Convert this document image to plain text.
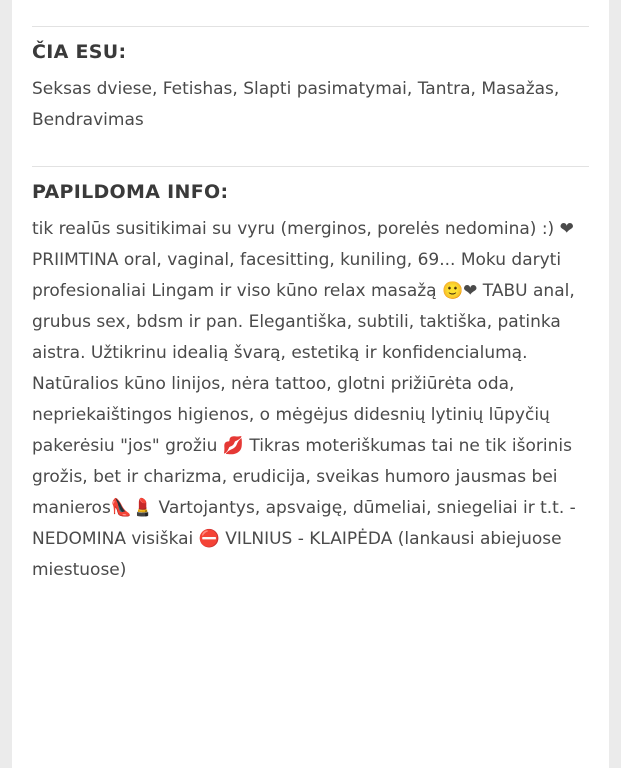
ČIA ESU:

Seksas dviese, Fetishas, Slapti pasimatymai, Tantra, Masažas, Bendravimas

PAPILDOMA INFO:

tik realūs susitikimai su vyru (merginos, porelės nedomina) :) ❤PRIIMTINA oral, vaginal, facesitting, kuniling, 69... Moku daryti profesionaliai Lingam ir viso kūno relax masažą 🙂❤ TABU anal, grubus sex, bdsm ir pan. Elegantiška, subtili, taktiška, patinka aistra. Užtikrinu idealią švarą, estetiką ir konfidencialumą. Natūralios kūno linijos, nėra tattoo, glotni prižiūrėta oda, nepriekaištingos higienos, o mėgėjus didesnių lytinių lūpyčių pakerėsiu "jos" grožiu 💋 Tikras moteriškumas tai ne tik išorinis grožis, bet ir charizma, erudicija, sveikas humoro jausmas bei manieros👠💄 Vartojantys, apsvaigę, dūmeliai, sniegeliai ir t.t. - NEDOMINA visiškai ⛔ VILNIUS - KLAIPĖDA (lankausi abiejuose miestuose)
